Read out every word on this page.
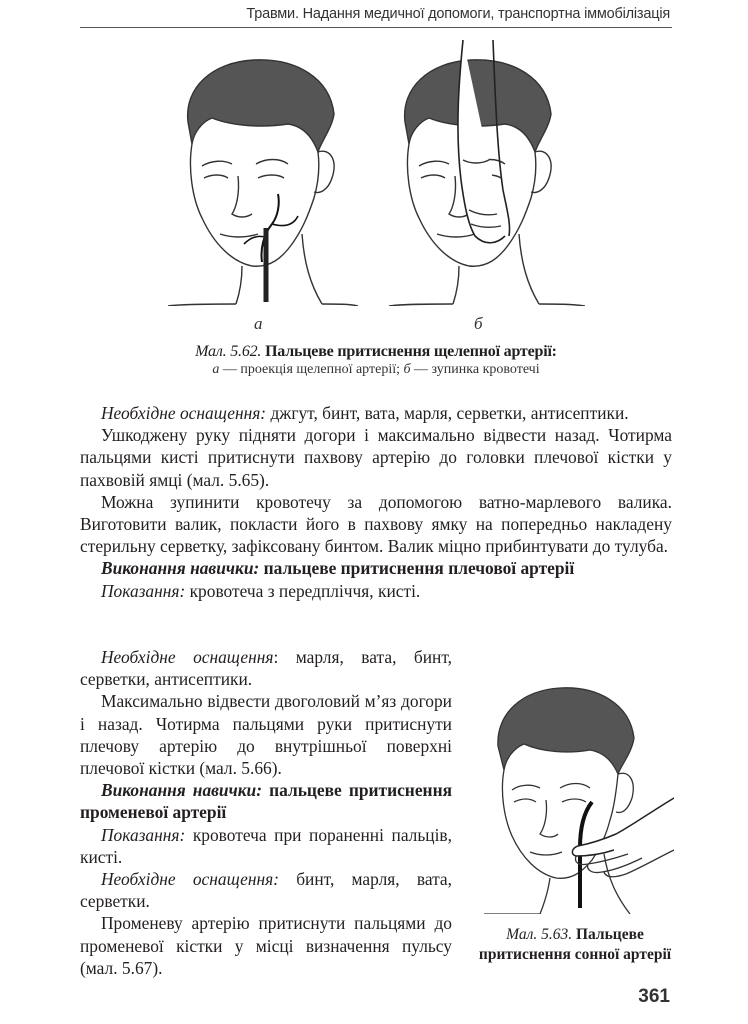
Травми. Надання медичної допомоги, транспортна іммобілізація
а	б
Мал. 5.62. Пальцеве притиснення щелепної артерії:
а — проекція щелепної артерії; б — зупинка кровотечі

Необхідне оснащення: джгут, бинт, вата, марля, серветки, антисептики.

Ушкоджену руку підняти догори і максимально відвести назад. Чотирма пальцями кисті притиснути пахвову артерію до головки плечової кістки у пахвовій ямці (мал. 5.65).

Можна зупинити кровотечу за допомогою ватно-марлевого валика. Виготовити валик, покласти його в пахвову ямку на попередньо накладену стерильну серветку, зафіксовану бинтом. Валик міцно прибинтувати до тулуба.

Виконання навички: пальцеве притиснення плечової артерії

Показання: кровотеча з передпліччя, кисті.

Необхідне оснащення: марля, вата, бинт, серветки, антисептики.

Максимально відвести двоголовий м’яз догори і назад. Чотирма пальцями руки притиснути плечову артерію до внутрішньої поверхні плечової кістки (мал. 5.66).

Виконання навички: пальцеве притиснення променевої артерії

Показання: кровотеча при пораненні пальців, кисті.

Необхідне оснащення: бинт, марля, вата, серветки.

Променеву артерію притиснути пальцями до променевої кістки у місці визначення пульсу (мал. 5.67).

Мал. 5.63. Пальцеве притиснення сонної артерії
361
